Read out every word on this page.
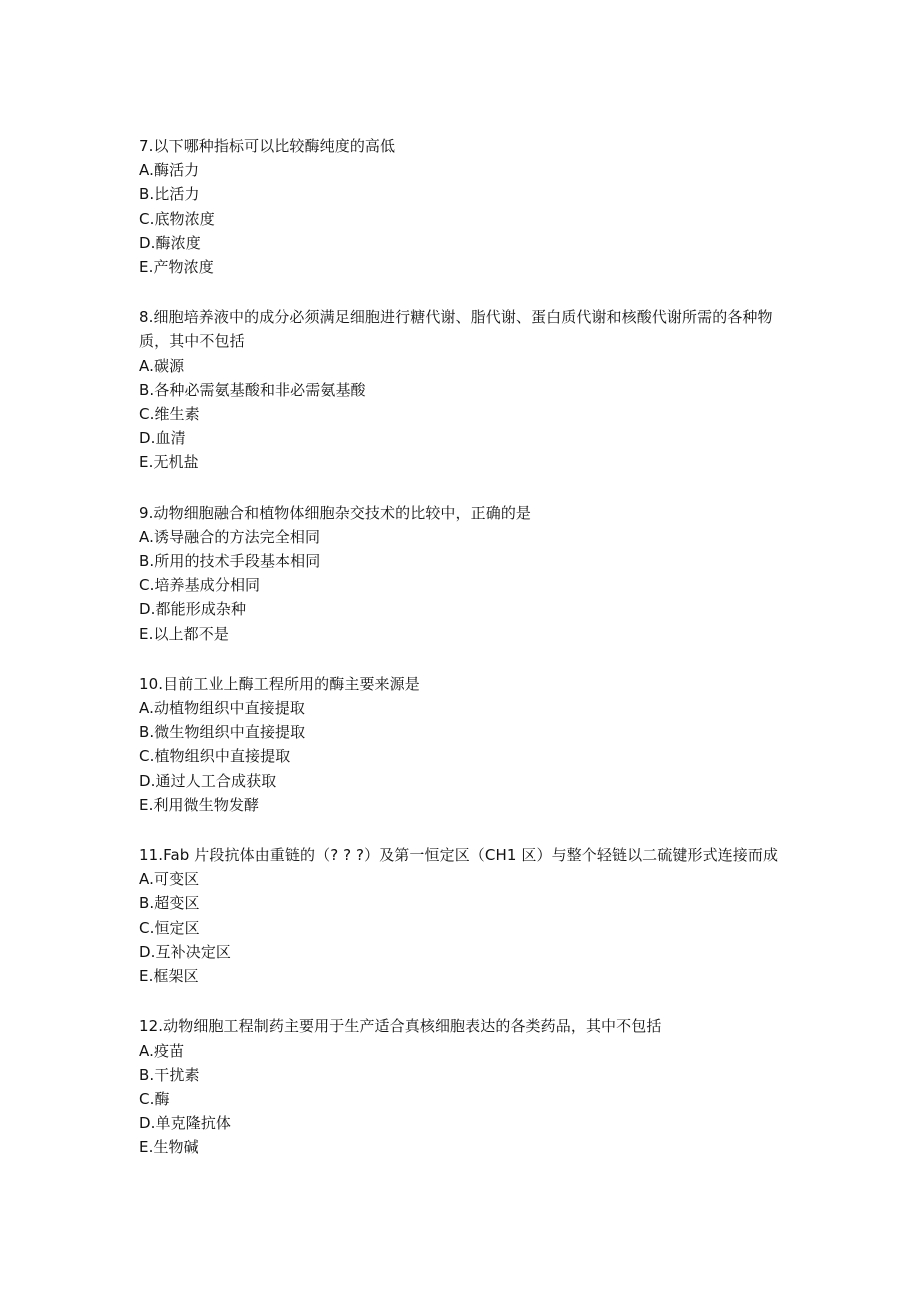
7.以下哪种指标可以比较酶纯度的高低
A.酶活力
B.比活力
C.底物浓度
D.酶浓度
E.产物浓度
8.细胞培养液中的成分必须满足细胞进行糖代谢、脂代谢、蛋白质代谢和核酸代谢所需的各种物质，其中不包括
A.碳源
B.各种必需氨基酸和非必需氨基酸
C.维生素
D.血清
E.无机盐
9.动物细胞融合和植物体细胞杂交技术的比较中，正确的是
A.诱导融合的方法完全相同
B.所用的技术手段基本相同
C.培养基成分相同
D.都能形成杂种
E.以上都不是
10.目前工业上酶工程所用的酶主要来源是
A.动植物组织中直接提取
B.微生物组织中直接提取
C.植物组织中直接提取
D.通过人工合成获取
E.利用微生物发酵
11.Fab 片段抗体由重链的（? ? ?）及第一恒定区（CH1 区）与整个轻链以二硫键形式连接而成
A.可变区
B.超变区
C.恒定区
D.互补决定区
E.框架区
12.动物细胞工程制药主要用于生产适合真核细胞表达的各类药品，其中不包括
A.疫苗
B.干扰素
C.酶
D.单克隆抗体
E.生物碱
